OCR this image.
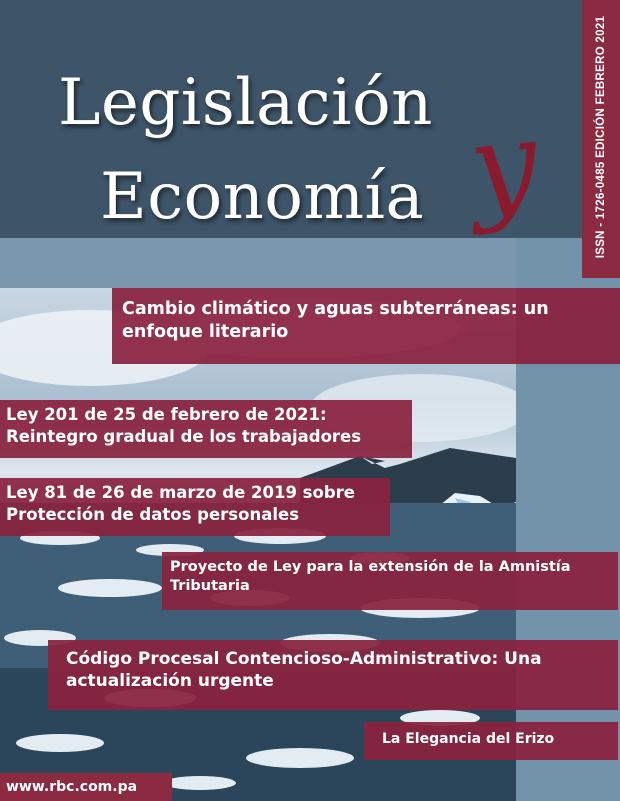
Legislación
Economía y	ISSN - 1726-0485 EDICIÓN FEBRERO 2021
Cambio climático y aguas subterráneas: un enfoque literario
Ley 201 de 25 de febrero de 2021: Reintegro gradual de los trabajadores
Ley 81 de 26 de marzo de 2019 sobre Protección de datos personales
Proyecto de Ley para la extensión de la Amnistía Tributaria
Código Procesal Contencioso-Administrativo: Una actualización urgente
La Elegancia del Erizo
www.rbc.com.pa
